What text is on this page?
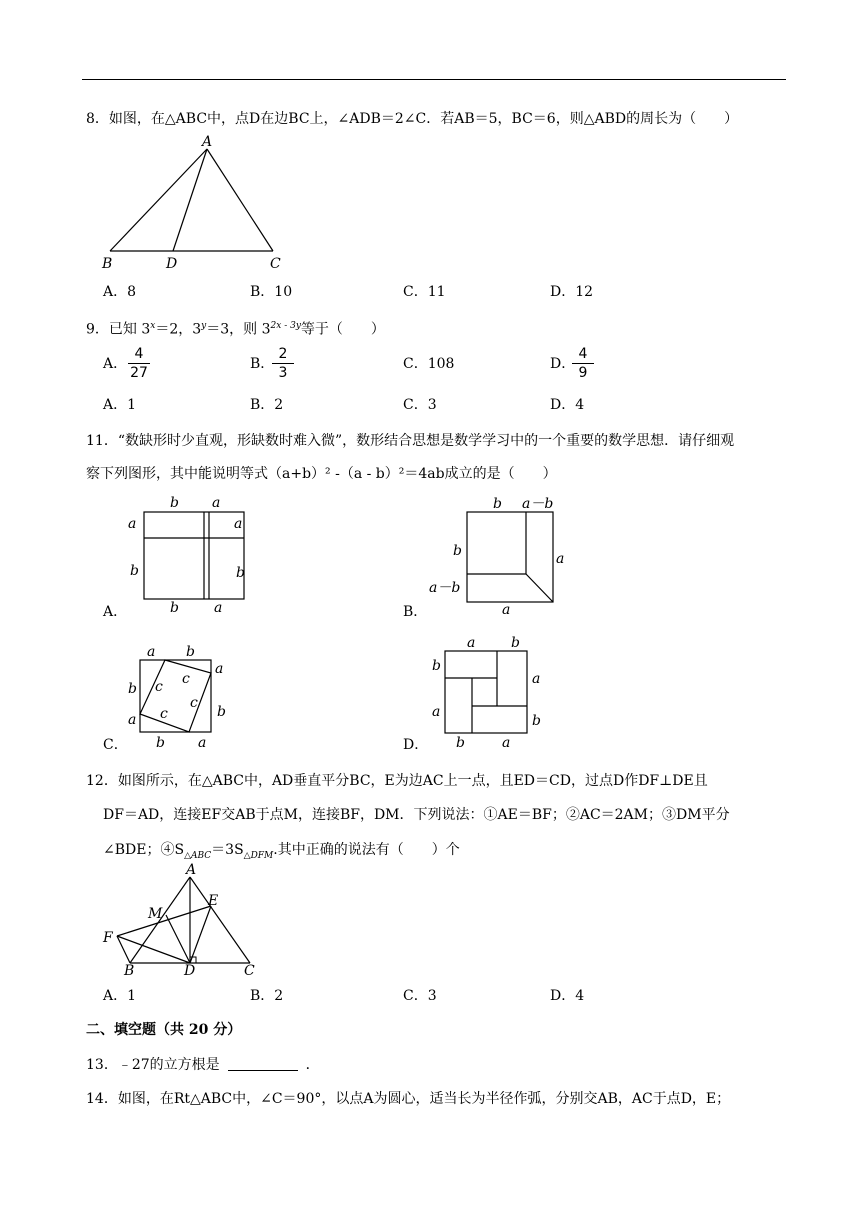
8．如图，在△ABC中，点D在边BC上，∠ADB＝2∠C．若AB＝5，BC＝6，则△ABD的周长为（　　）
A
B	D	C
A．8	B．10	C．11	D．12
9．已知 $3^x=2$，$3^y=3$，则 $3^{2x - 3y}$等于（　　）
A． $\frac{4}{27}$	B．
$\frac{2}{3}$	C．108	D．
$\frac{4}{9}$
A．1	B．2	C．3	D．4
11．“数缺形时少直观，形缺数时难入微”，数形结合思想是数学学习中的一个重要的数学思想．请仔细观
察下列图形，其中能说明等式（a+b）² -（a - b）²＝4ab成立的是（　　）
b a
a
b
a
b
b	a
A．
b a－b
b
a－b
a
a
B．
a b
a
b
b
a
b a
c c
c
c
C．
a	b
b
a
a
b
b	a
D．
12．如图所示，在△ABC中，AD垂直平分BC，E为边AC上一点，且ED＝CD，过点D作DF⊥DE且
DF＝AD，连接EF交AB于点M，连接BF，DM．下列说法：①AE＝BF；②AC＝2AM；③DM平分
∠BDE；$④S_{\triangle ABC}=3S_{\triangle DFM}$.其中正确的说法有（　　）个
A
E
M
F
B	D	C
A．1	B．2	C．3	D．4
二、填空题（共 20 分）
13．﹣27的立方根是	．
14．如图，在Rt△ABC中，∠C＝90°，以点A为圆心，适当长为半径作弧，分别交AB，AC于点D，E；
